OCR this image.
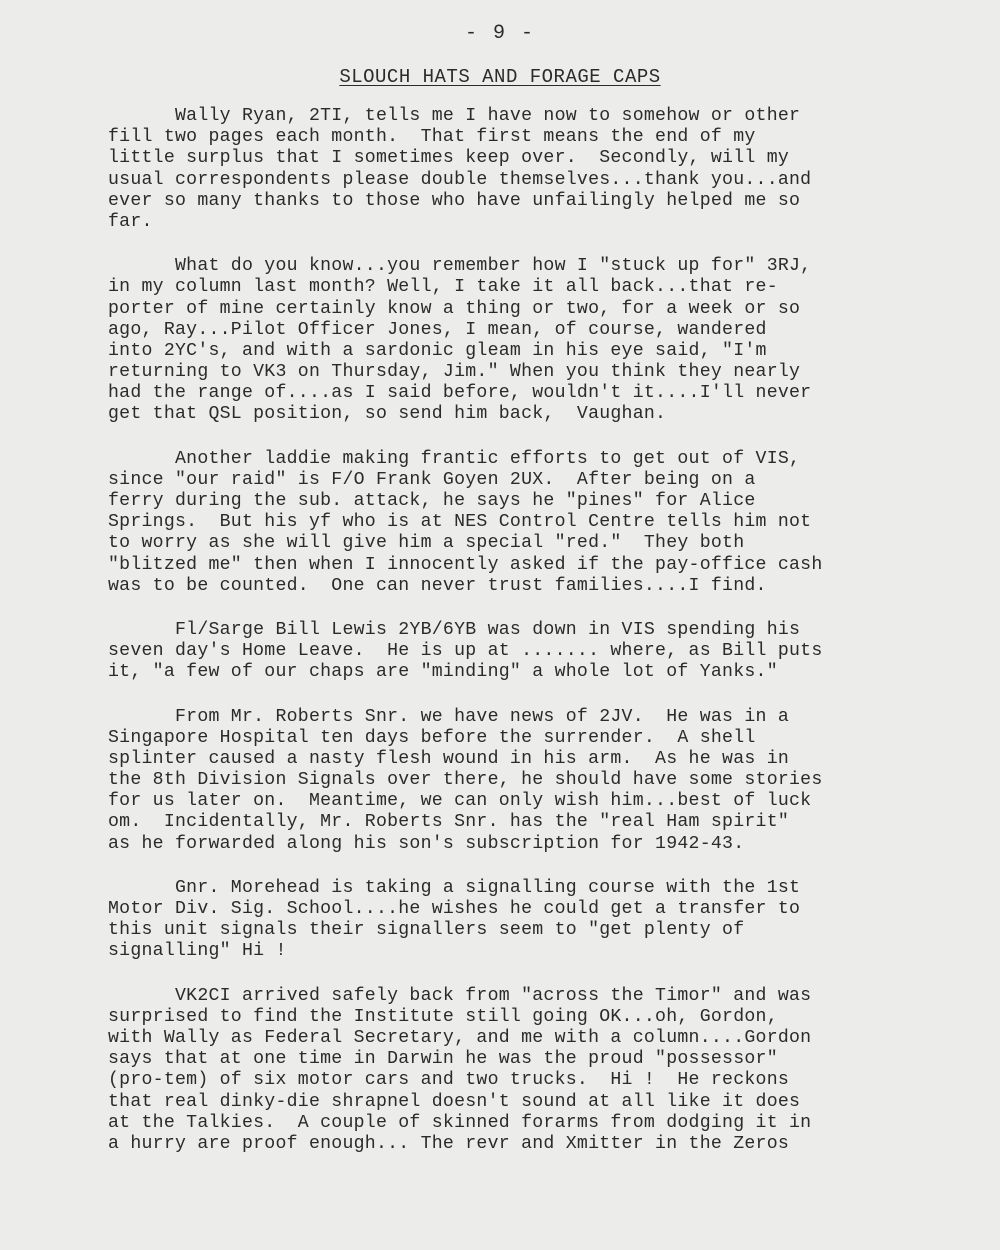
- 9 -
SLOUCH HATS AND FORAGE CAPS
Wally Ryan, 2TI, tells me I have now to somehow or other
fill two pages each month.  That first means the end of my
little surplus that I sometimes keep over.  Secondly, will my
usual correspondents please double themselves...thank you...and
ever so many thanks to those who have unfailingly helped me so
far.
What do you know...you remember how I "stuck up for" 3RJ,
in my column last month? Well, I take it all back...that re-
porter of mine certainly know a thing or two, for a week or so
ago, Ray...Pilot Officer Jones, I mean, of course, wandered
into 2YC's, and with a sardonic gleam in his eye said, "I'm
returning to VK3 on Thursday, Jim." When you think they nearly
had the range of....as I said before, wouldn't it....I'll never
get that QSL position, so send him back,  Vaughan.
Another laddie making frantic efforts to get out of VIS,
since "our raid" is F/O Frank Goyen 2UX.  After being on a
ferry during the sub. attack, he says he "pines" for Alice
Springs.  But his yf who is at NES Control Centre tells him not
to worry as she will give him a special "red."  They both
"blitzed me" then when I innocently asked if the pay-office cash
was to be counted.  One can never trust families....I find.
Fl/Sarge Bill Lewis 2YB/6YB was down in VIS spending his
seven day's Home Leave.  He is up at ....... where, as Bill puts
it, "a few of our chaps are "minding" a whole lot of Yanks."
From Mr. Roberts Snr. we have news of 2JV.  He was in a
Singapore Hospital ten days before the surrender.  A shell
splinter caused a nasty flesh wound in his arm.  As he was in
the 8th Division Signals over there, he should have some stories
for us later on.  Meantime, we can only wish him...best of luck
om.  Incidentally, Mr. Roberts Snr. has the "real Ham spirit"
as he forwarded along his son's subscription for 1942-43.
Gnr. Morehead is taking a signalling course with the 1st
Motor Div. Sig. School....he wishes he could get a transfer to
this unit signals their signallers seem to "get plenty of
signalling" Hi !
VK2CI arrived safely back from "across the Timor" and was
surprised to find the Institute still going OK...oh, Gordon,
with Wally as Federal Secretary, and me with a column....Gordon
says that at one time in Darwin he was the proud "possessor"
(pro-tem) of six motor cars and two trucks.  Hi !  He reckons
that real dinky-die shrapnel doesn't sound at all like it does
at the Talkies.  A couple of skinned forarms from dodging it in
a hurry are proof enough... The revr and Xmitter in the Zeros
